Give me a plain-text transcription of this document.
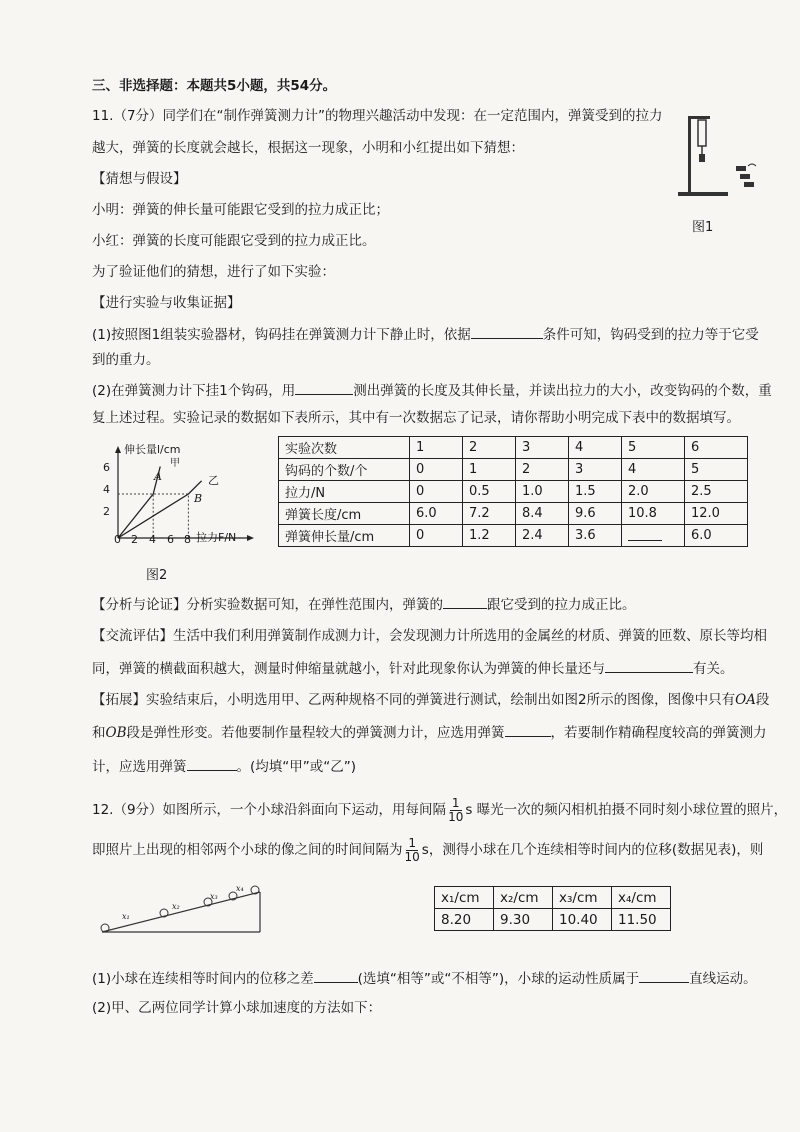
三、非选择题：本题共5小题，共54分。
11.（7分）同学们在“制作弹簧测力计”的物理兴趣活动中发现：在一定范围内，弹簧受到的拉力
越大，弹簧的长度就会越长，根据这一现象，小明和小红提出如下猜想：
【猜想与假设】
小明：弹簧的伸长量可能跟它受到的拉力成正比；
小红：弹簧的长度可能跟它受到的拉力成正比。
为了验证他们的猜想，进行了如下实验：
【进行实验与收集证据】
(1)按照图1组装实验器材，钩码挂在弹簧测力计下静止时，依据	条件可知，钩码受到的拉力等于它受
到的重力。
(2)在弹簧测力计下挂1个钩码，用	测出弹簧的长度及其伸长量，并读出拉力的大小，改变钩码的个数，重
复上述过程。实验记录的数据如下表所示，其中有一次数据忘了记录，请你帮助小明完成下表中的数据填写。
图1
伸长量l/cm
拉力F/N
6
4
2
0 2 4 6 8
甲
乙
A
B
图2
实验次数	1	2	3	4	5	6
钩码的个数/个	0	1	2	3	4	5
拉力/N	0	0.5	1.0	1.5	2.0	2.5
弹簧长度/cm	6.0	7.2	8.4	9.6	10.8	12.0
弹簧伸长量/cm	0	1.2	2.4	3.6		6.0
【分析与论证】分析实验数据可知，在弹性范围内，弹簧的	跟它受到的拉力成正比。
【交流评估】生活中我们利用弹簧制作成测力计，会发现测力计所选用的金属丝的材质、弹簧的匝数、原长等均相
同，弹簧的横截面积越大，测量时伸缩量就越小，针对此现象你认为弹簧的伸长量还与	有关。
【拓展】实验结束后，小明选用甲、乙两种规格不同的弹簧进行测试，绘制出如图2所示的图像，图像中只有OA段
和OB段是弹性形变。若他要制作量程较大的弹簧测力计，应选用弹簧	，若要制作精确程度较高的弹簧测力
计，应选用弹簧	。(均填“甲”或“乙”)
12.（9分）如图所示，一个小球沿斜面向下运动，用每间隔 $\frac{1}{10}$ s 曝光一次的频闪相机拍摄不同时刻小球位置的照片，
即照片上出现的相邻两个小球的像之间的时间间隔为 $\frac{1}{10}$ s，测得小球在几个连续相等时间内的位移(数据见表)，则
x₁
x₂
x₃
x₄
x₁/cm	x₂/cm	x₃/cm	x₄/cm
8.20	9.30	10.40	11.50
(1)小球在连续相等时间内的位移之差	(选填“相等”或“不相等”)，小球的运动性质属于	直线运动。
(2)甲、乙两位同学计算小球加速度的方法如下：
